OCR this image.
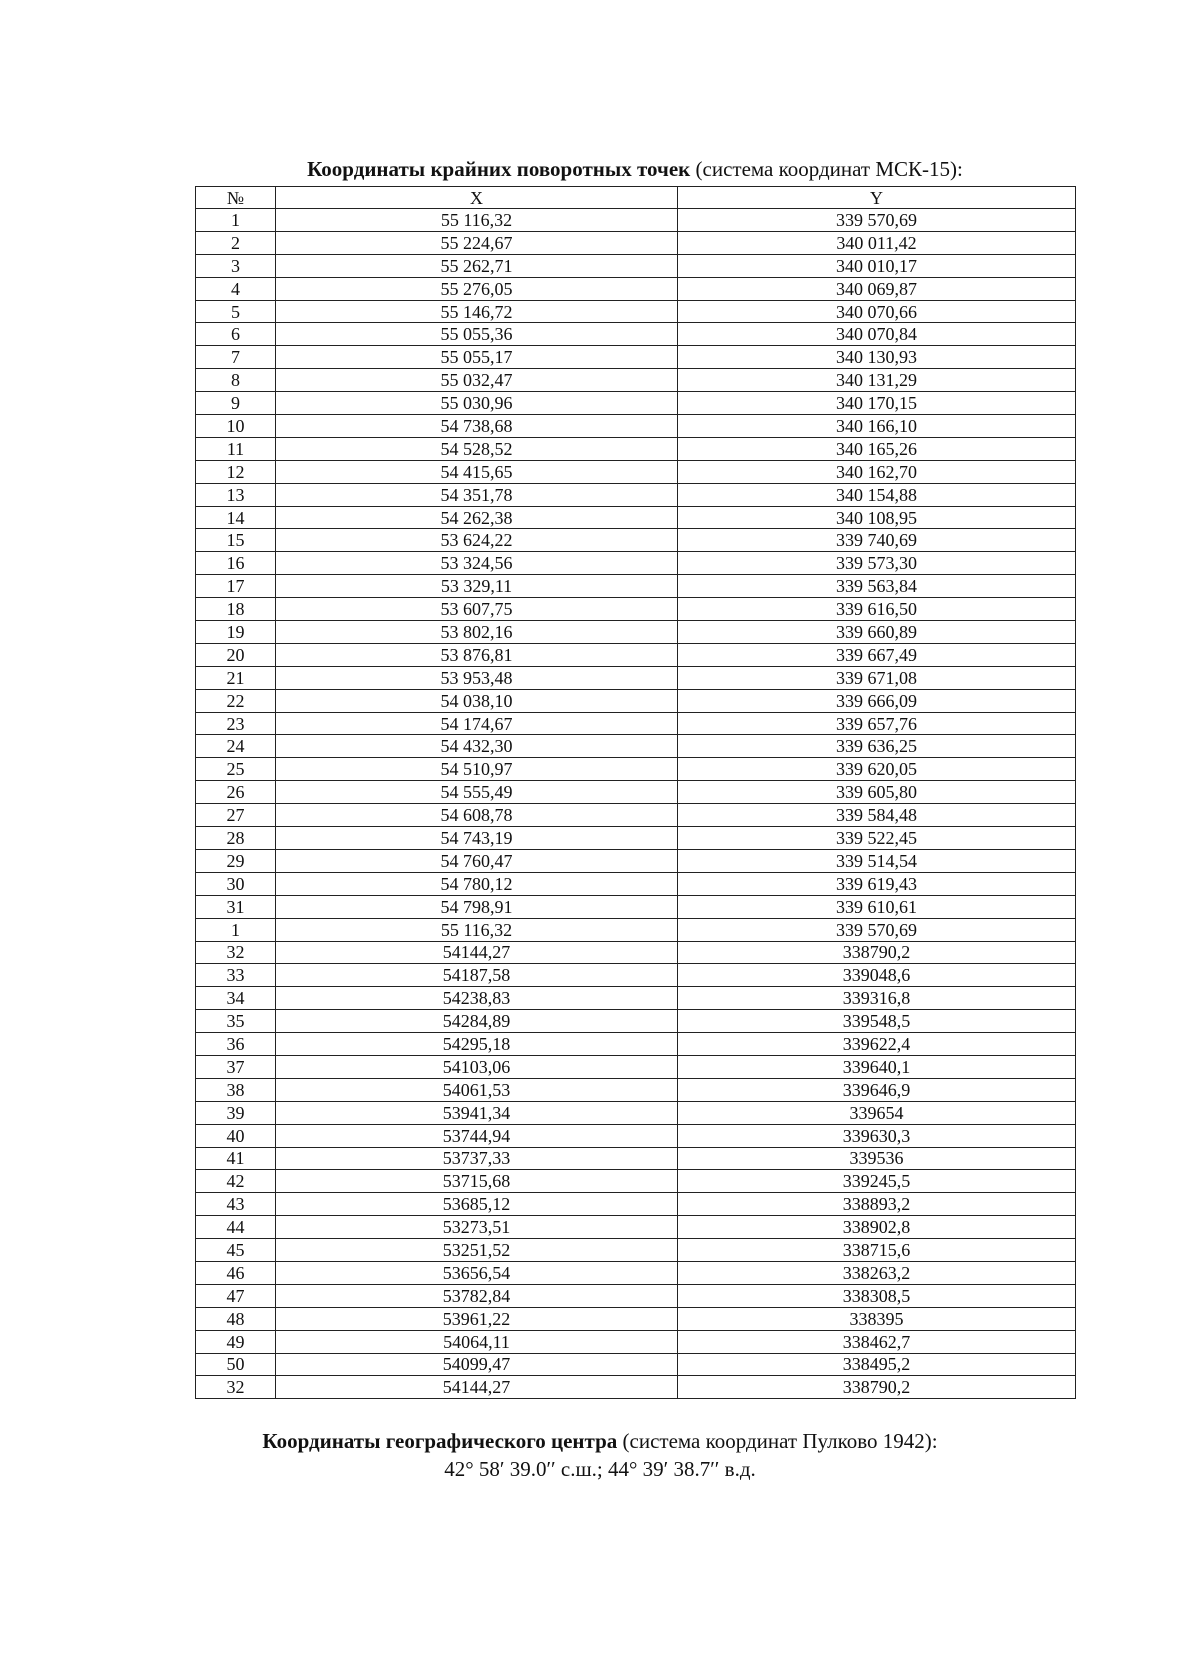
Координаты крайних поворотных точек (система координат МСК-15):
№	X	Y
1	55 116,32	339 570,69
2	55 224,67	340 011,42
3	55 262,71	340 010,17
4	55 276,05	340 069,87
5	55 146,72	340 070,66
6	55 055,36	340 070,84
7	55 055,17	340 130,93
8	55 032,47	340 131,29
9	55 030,96	340 170,15
10	54 738,68	340 166,10
11	54 528,52	340 165,26
12	54 415,65	340 162,70
13	54 351,78	340 154,88
14	54 262,38	340 108,95
15	53 624,22	339 740,69
16	53 324,56	339 573,30
17	53 329,11	339 563,84
18	53 607,75	339 616,50
19	53 802,16	339 660,89
20	53 876,81	339 667,49
21	53 953,48	339 671,08
22	54 038,10	339 666,09
23	54 174,67	339 657,76
24	54 432,30	339 636,25
25	54 510,97	339 620,05
26	54 555,49	339 605,80
27	54 608,78	339 584,48
28	54 743,19	339 522,45
29	54 760,47	339 514,54
30	54 780,12	339 619,43
31	54 798,91	339 610,61
1	55 116,32	339 570,69
32	54144,27	338790,2
33	54187,58	339048,6
34	54238,83	339316,8
35	54284,89	339548,5
36	54295,18	339622,4
37	54103,06	339640,1
38	54061,53	339646,9
39	53941,34	339654
40	53744,94	339630,3
41	53737,33	339536
42	53715,68	339245,5
43	53685,12	338893,2
44	53273,51	338902,8
45	53251,52	338715,6
46	53656,54	338263,2
47	53782,84	338308,5
48	53961,22	338395
49	54064,11	338462,7
50	54099,47	338495,2
32	54144,27	338790,2
Координаты географического центра (система координат Пулково 1942):
42° 58′ 39.0′′ с.ш.; 44° 39′ 38.7′′ в.д.
